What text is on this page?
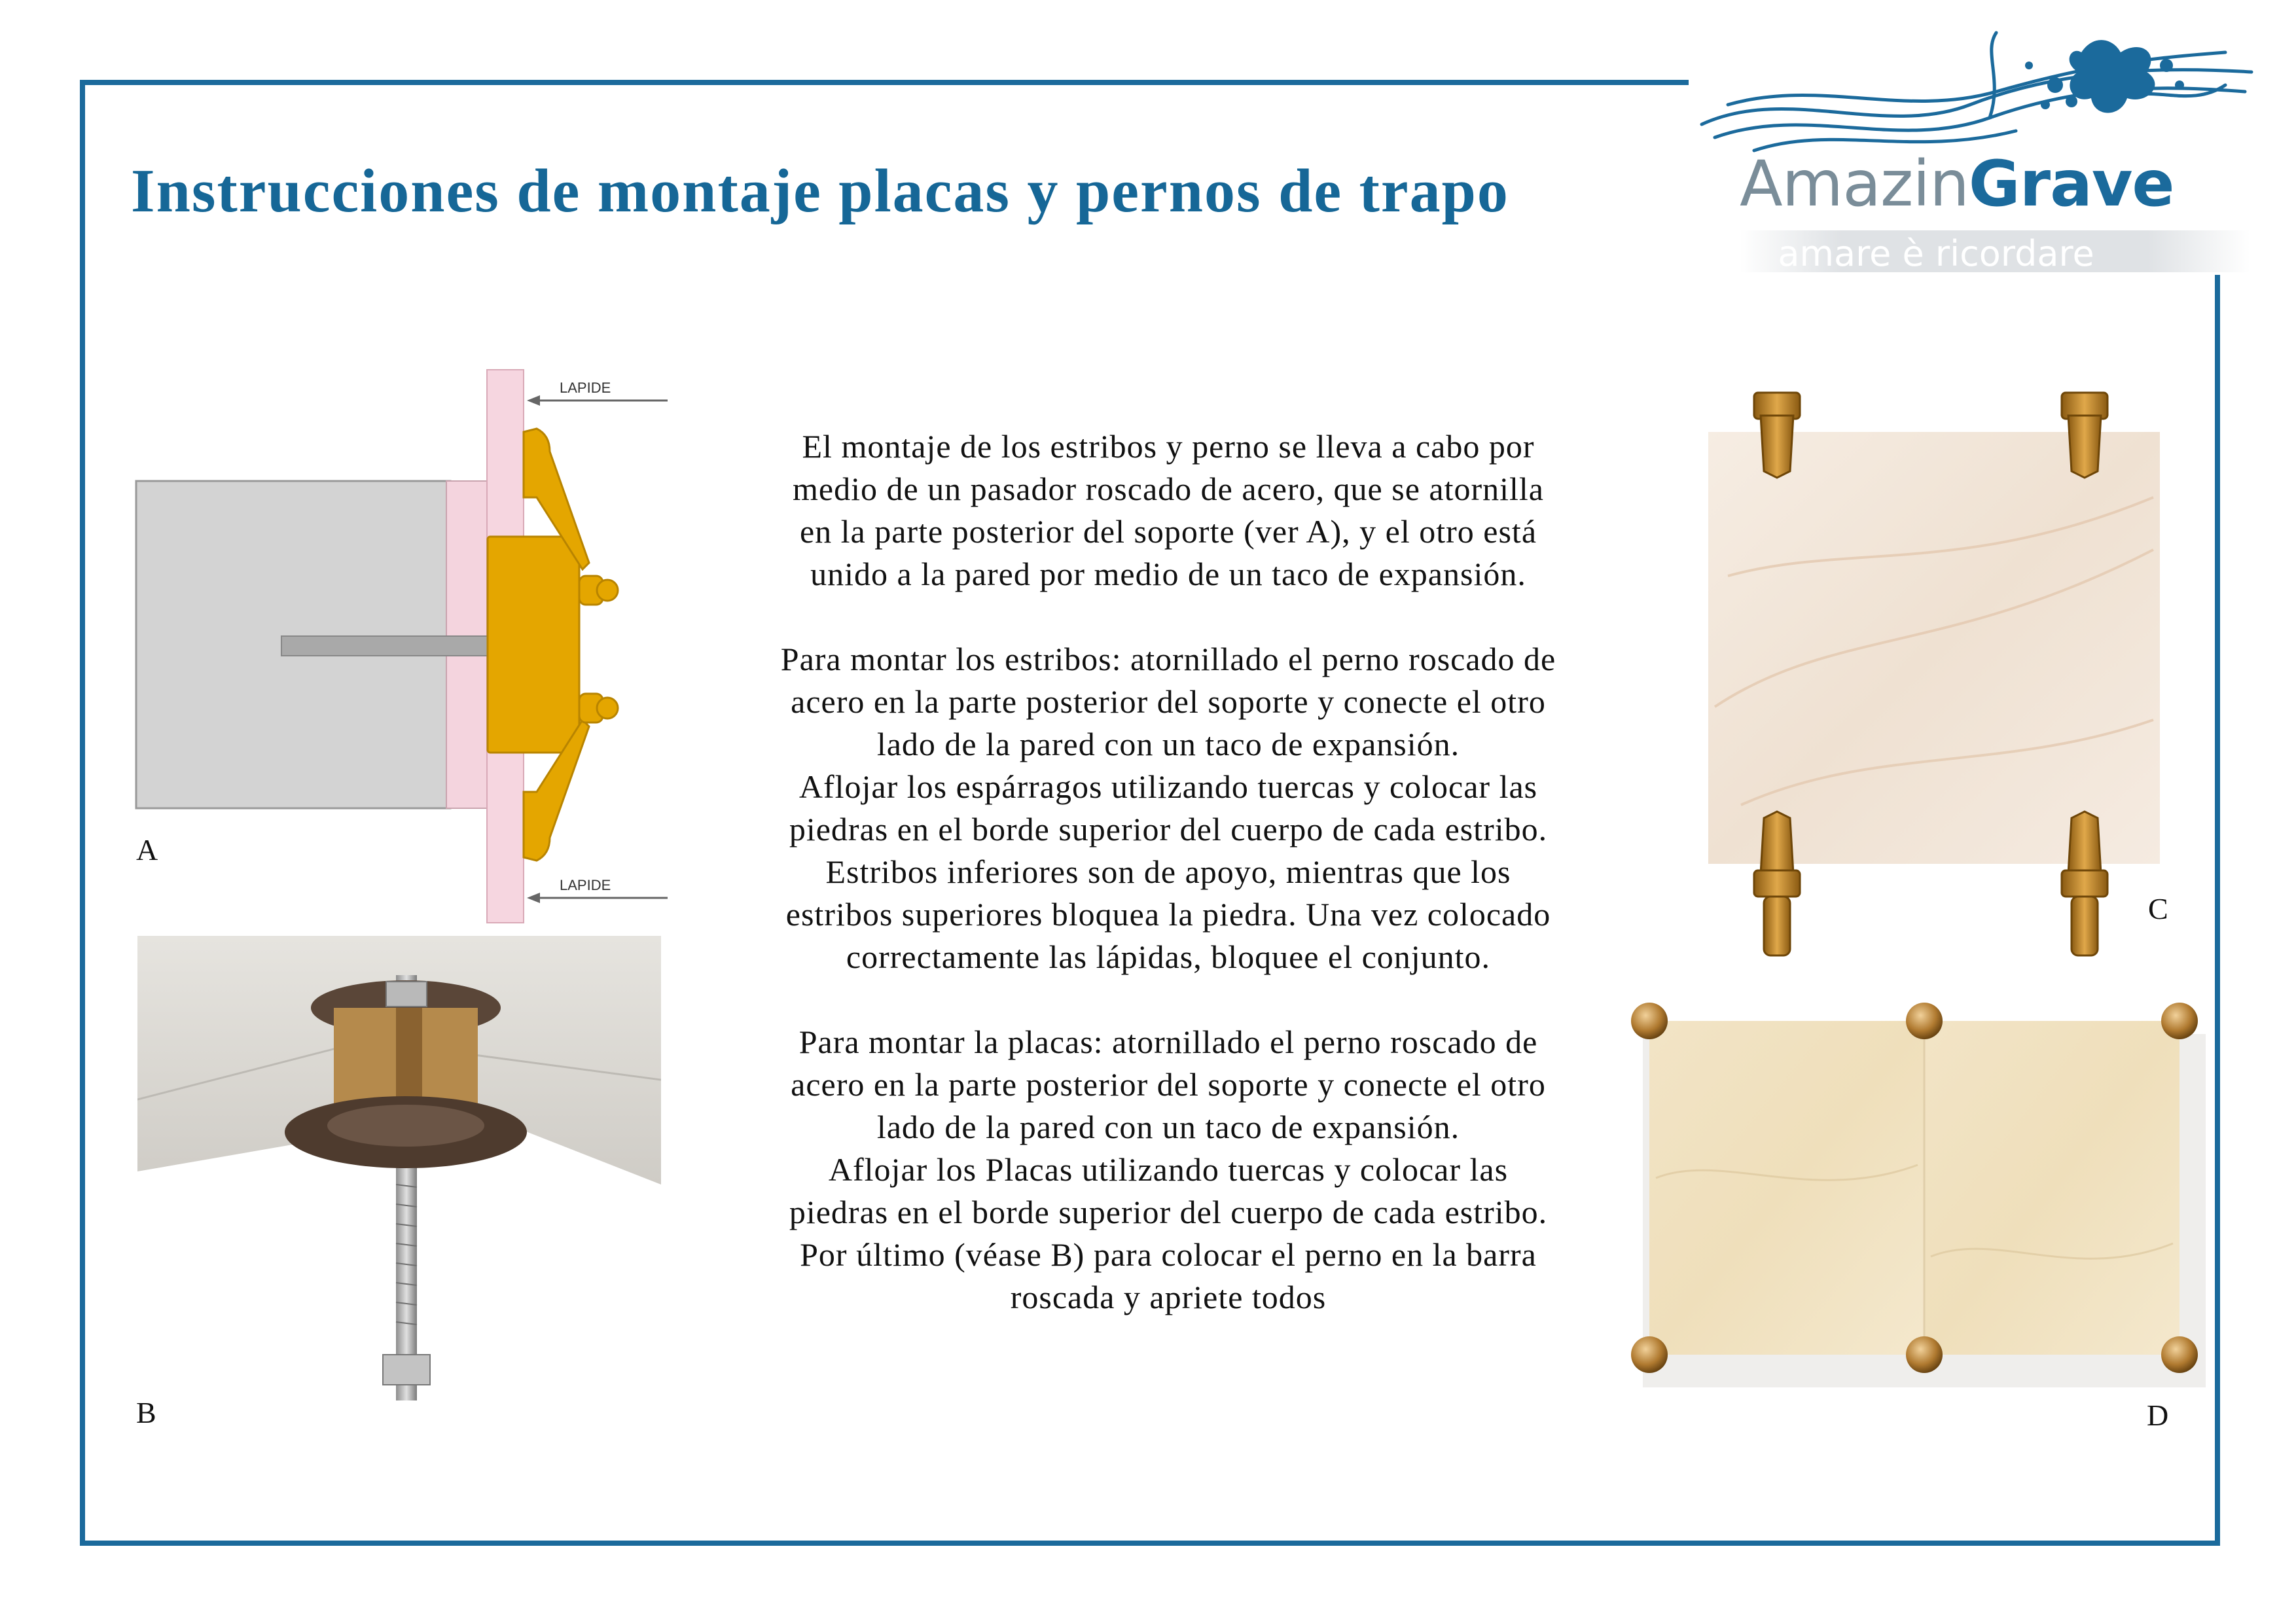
Instrucciones de montaje placas y pernos de trapo	AmazinGrave
amare è ricordare
LAPIDE
LAPIDE
A
B

El montaje de los estribos y perno se lleva a cabo por
medio de un pasador roscado de acero, que se atornilla
en la parte posterior del soporte (ver A), y el otro está
unido a la pared por medio de un taco de expansión.

Para montar los estribos: atornillado el perno roscado de
acero en la parte posterior del soporte y conecte el otro
lado de la pared con un taco de expansión.
Aflojar los espárragos utilizando tuercas y colocar las
piedras en el borde superior del cuerpo de cada estribo.
Estribos inferiores son de apoyo, mientras que los
estribos superiores bloquea la piedra. Una vez colocado
correctamente las lápidas, bloquee el conjunto.

Para montar la placas: atornillado el perno roscado de
acero en la parte posterior del soporte y conecte el otro
lado de la pared con un taco de expansión.
Aflojar los Placas utilizando tuercas y colocar las
piedras en el borde superior del cuerpo de cada estribo.
Por último (véase B) para colocar el perno en la barra
roscada y apriete todos

C
D
